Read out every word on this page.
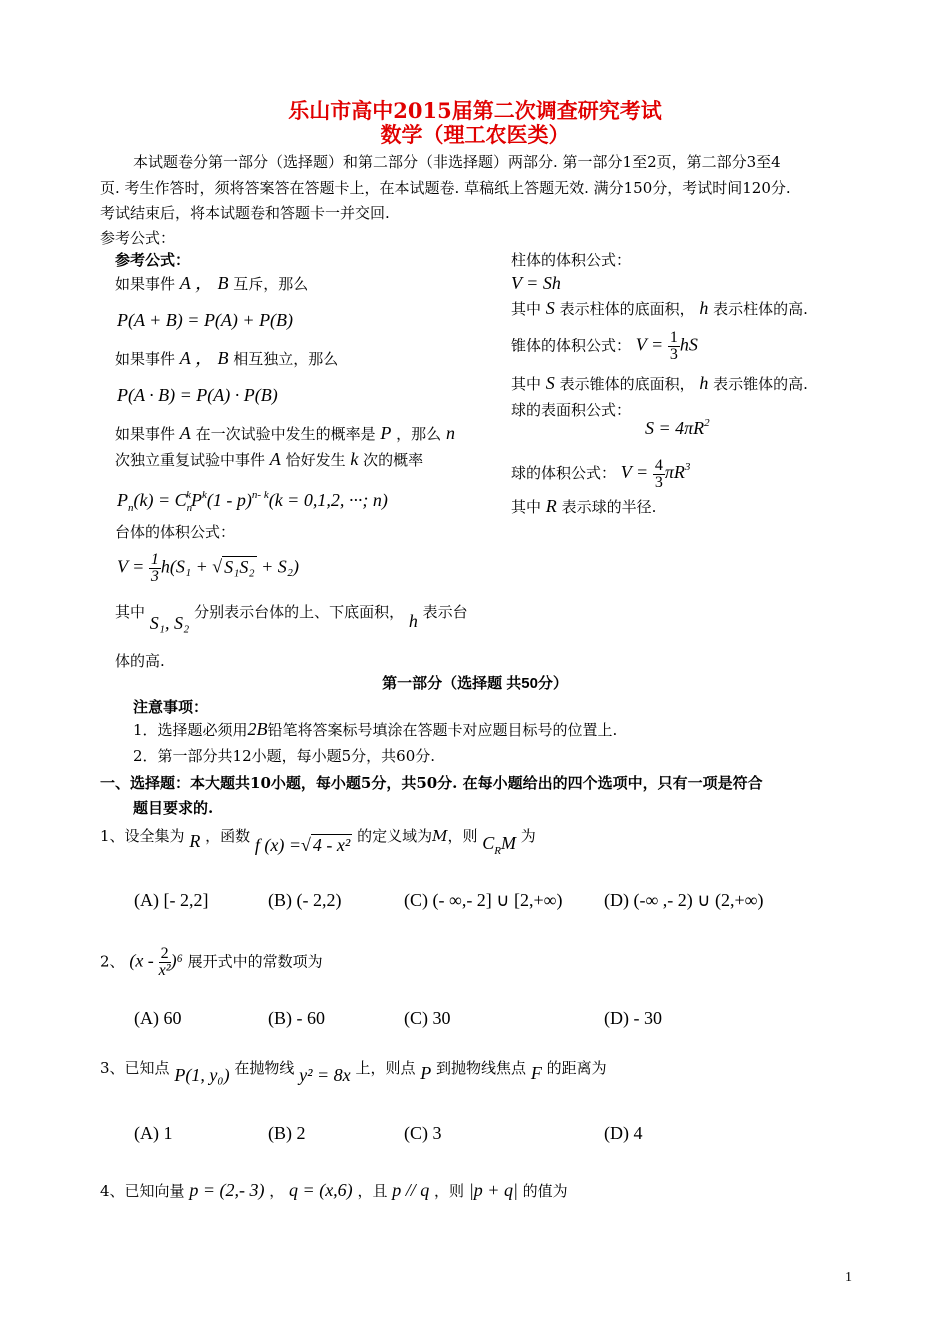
乐山市高中2015届第二次调查研究考试
数学（理工农医类）
本试题卷分第一部分（选择题）和第二部分（非选择题）两部分. 第一部分1至2页，第二部分3至4
页. 考生作答时，须将答案答在答题卡上，在本试题卷. 草稿纸上答题无效. 满分150分，考试时间120分.
考试结束后，将本试题卷和答题卡一并交回.
参考公式：
参考公式：
如果事件 A ， B 互斥，那么
P(A + B) = P(A) + P(B)
如果事件 A ， B 相互独立，那么
P(A · B) = P(A) · P(B)
如果事件 A 在一次试验中发生的概率是 P ，那么 n
次独立重复试验中事件 A 恰好发生 k 次的概率
$P_n(k) = C_n^kP^k(1 - p)^{n- k}(k = 0,1,2$, ···; n)
台体的体积公式：
$V = \frac{1}{3} h(S_1$ + √ S₁S₂ + S₂)
其中 S₁, S₂ 分别表示台体的上、下底面积， h 表示台
体的高.
柱体的体积公式：
V = Sh
其中 S 表示柱体的底面积， h 表示柱体的高.
锥体的体积公式： $V = \frac{1}{3}$ hS
其中 S 表示锥体的底面积， h 表示锥体的高.
球的表面积公式：
$S = 4\pi R^2$
球的体积公式： $V = \frac{4}{3} \pi R^3$
其中 R 表示球的半径.
第一部分（选择题 共50分）
注意事项：
1．选择题必须用2B铅笔将答案标号填涂在答题卡对应题目标号的位置上.
2．第一部分共12小题，每小题5分，共60分.
一、选择题：本大题共10小题，每小题5分，共50分. 在每小题给出的四个选项中，只有一项是符合
题目要求的.
1、设全集为 R ，函数 f (x) =√ 4 - x² 的定义域为M，则 $C_RM$ 为
(A) [- 2,2]	(B) (- 2,2)	(C) (- ∞,- 2] ∪ [2,+∞) (D) (-∞ ,- 2) ∪ (2,+∞)
2、 $(x - \frac{2}{\text{x²}} )^6$ 展开式中的常数项为
(A) 60	(B) - 60	(C) 30	(D) - 30
3、已知点 P(1, y₀) 在抛物线 y² = 8x 上，则点 P 到抛物线焦点 F 的距离为
(A) 1	(B) 2	(C) 3	(D) 4
4、已知向量 p = (2,- 3) ， q = (x,6) ，且 p // q ，则 |p + q| 的值为
1
